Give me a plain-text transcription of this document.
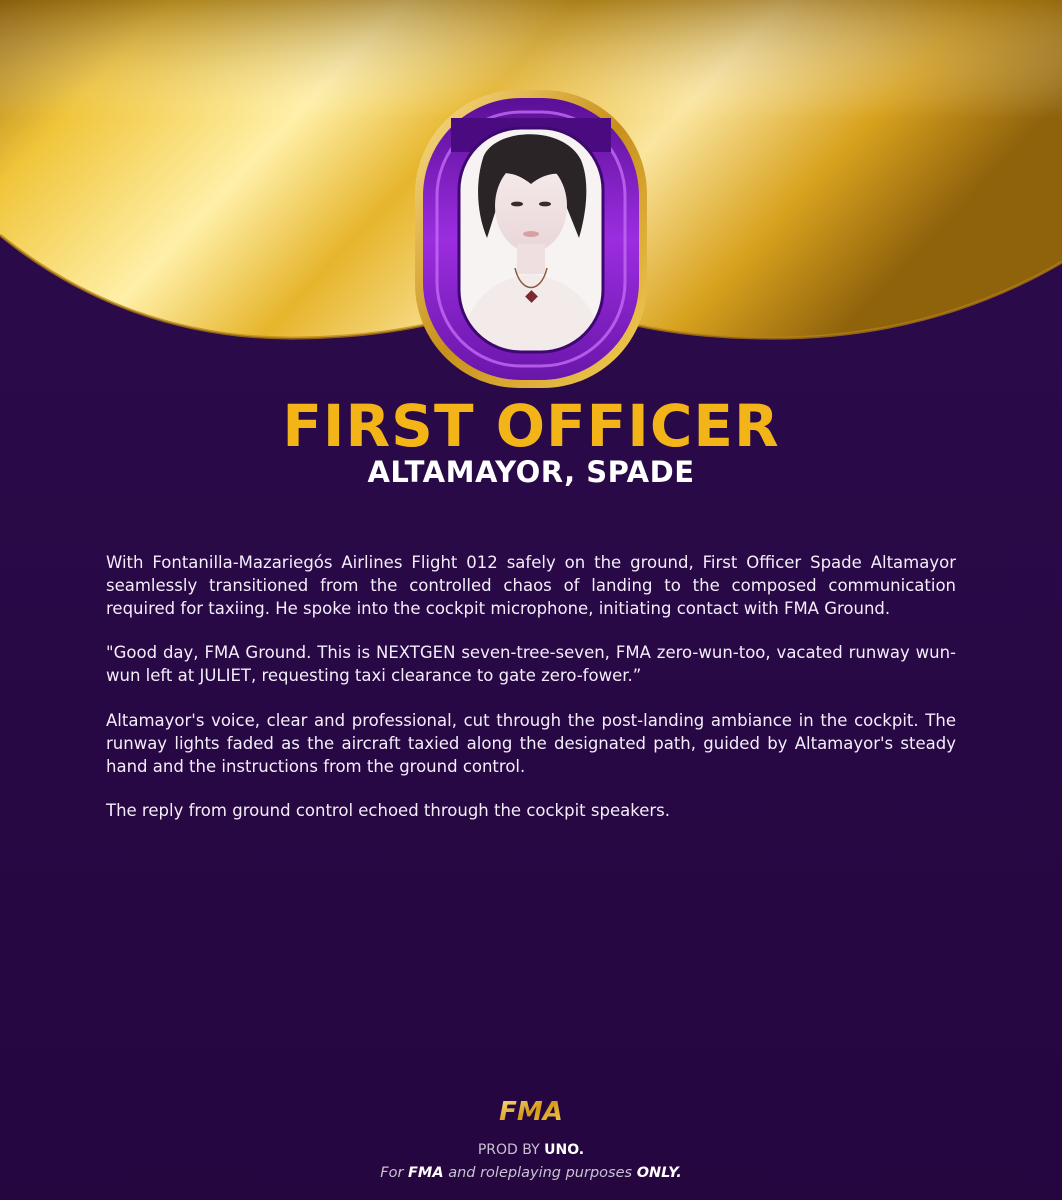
FIRST OFFICER
ALTAMAYOR, SPADE

With Fontanilla-Mazariegós Airlines Flight 012 safely on the ground, First Officer Spade Altamayor seamlessly transitioned from the controlled chaos of landing to the composed communication required for taxiing. He spoke into the cockpit microphone, initiating contact with FMA Ground.

"Good day, FMA Ground. This is NEXTGEN seven-tree-seven, FMA zero-wun-too, vacated runway wun-wun left at JULIET, requesting taxi clearance to gate zero-fower.”

Altamayor's voice, clear and professional, cut through the post-landing ambiance in the cockpit. The runway lights faded as the aircraft taxied along the designated path, guided by Altamayor's steady hand and the instructions from the ground control.

The reply from ground control echoed through the cockpit speakers.

FMA
PROD BY UNO.
For FMA and roleplaying purposes ONLY.
